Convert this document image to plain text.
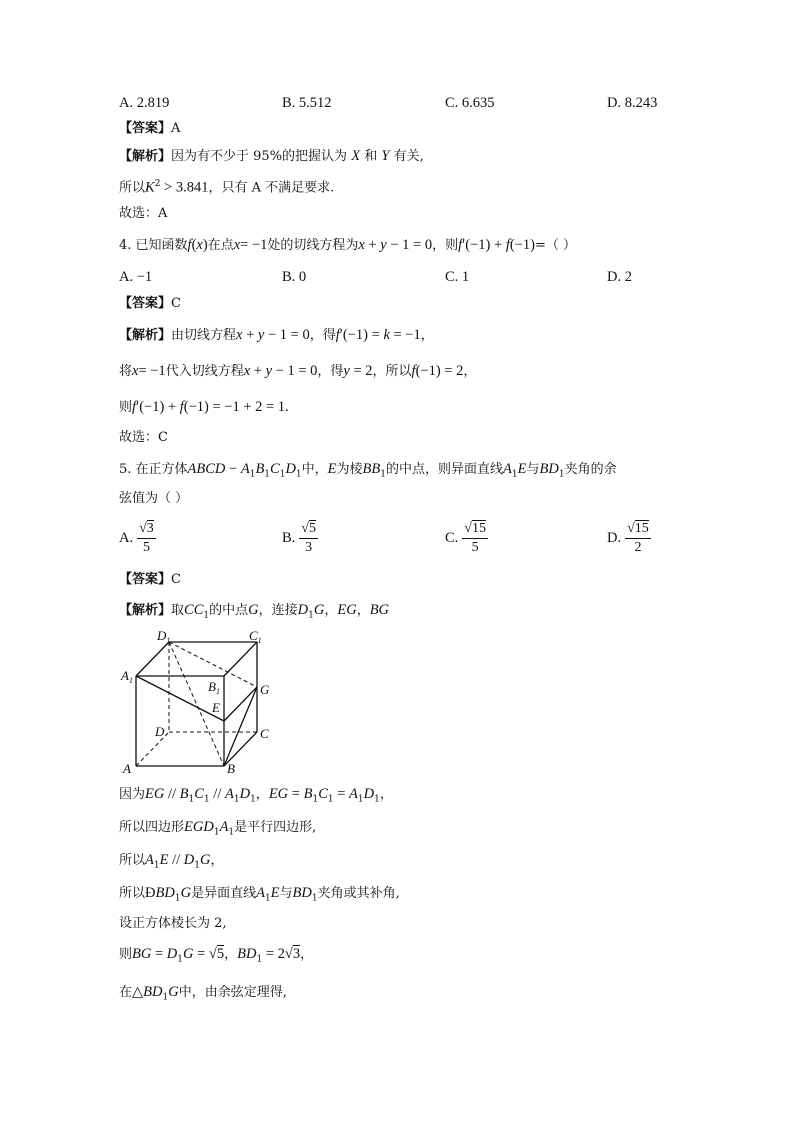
A. 2.819	B. 5.512	C. 6.635	D. 8.243
【答案】A
【解析】因为有不少于 95%的把握认为 X 和 Y 有关,
所以$K^2 > 3.841$，只有 A 不满足要求.
故选：A
4. 已知函数f(x)在点x= −1处的切线方程为x + y − 1 = 0，则f′(−1) + f(−1)=（ ）
A. −1	B. 0	C. 1	D. 2
【答案】C
【解析】由切线方程x + y − 1 = 0，得f′(−1) = k = −1，
将x= −1代入切线方程x + y − 1 = 0，得y = 2，所以f(−1) = 2，
则f′(−1) + f(−1) = −1 + 2 = 1.
故选：C
5. 在正方体ABCD − $A_1B_1C_1D_1$中，E为棱$BB_1$的中点，则异面直线$A_1E$与$BD_1$夹角的余
弦值为（ ）
A. $\frac{√3}{5}$	B. $\frac{√5}{3}$	C. $\frac{√15}{5}$	D. $\frac{√15}{2}$
【答案】C
【解析】取$CC_1$的中点G，连接$D_1G$，EG，BG
$D_1$	$C_1$
$A_1$	$B_1$	G
E
D	C
A	B
因为EG // $B_1C_1 // A_1D_1$，EG = $B_1C_1 = A_1D_1$，
所以四边形$EGD_1A_1$是平行四边形,
所以$A_1E // D_1G$，
所以$ÐBD_1G$是异面直线$A_1E$与$BD_1$夹角或其补角,
设正方体棱长为 2,
则BG = $D_1G = √5$，$BD_1 = 2√3$，
在$\triangle BD_1G$中，由余弦定理得,
